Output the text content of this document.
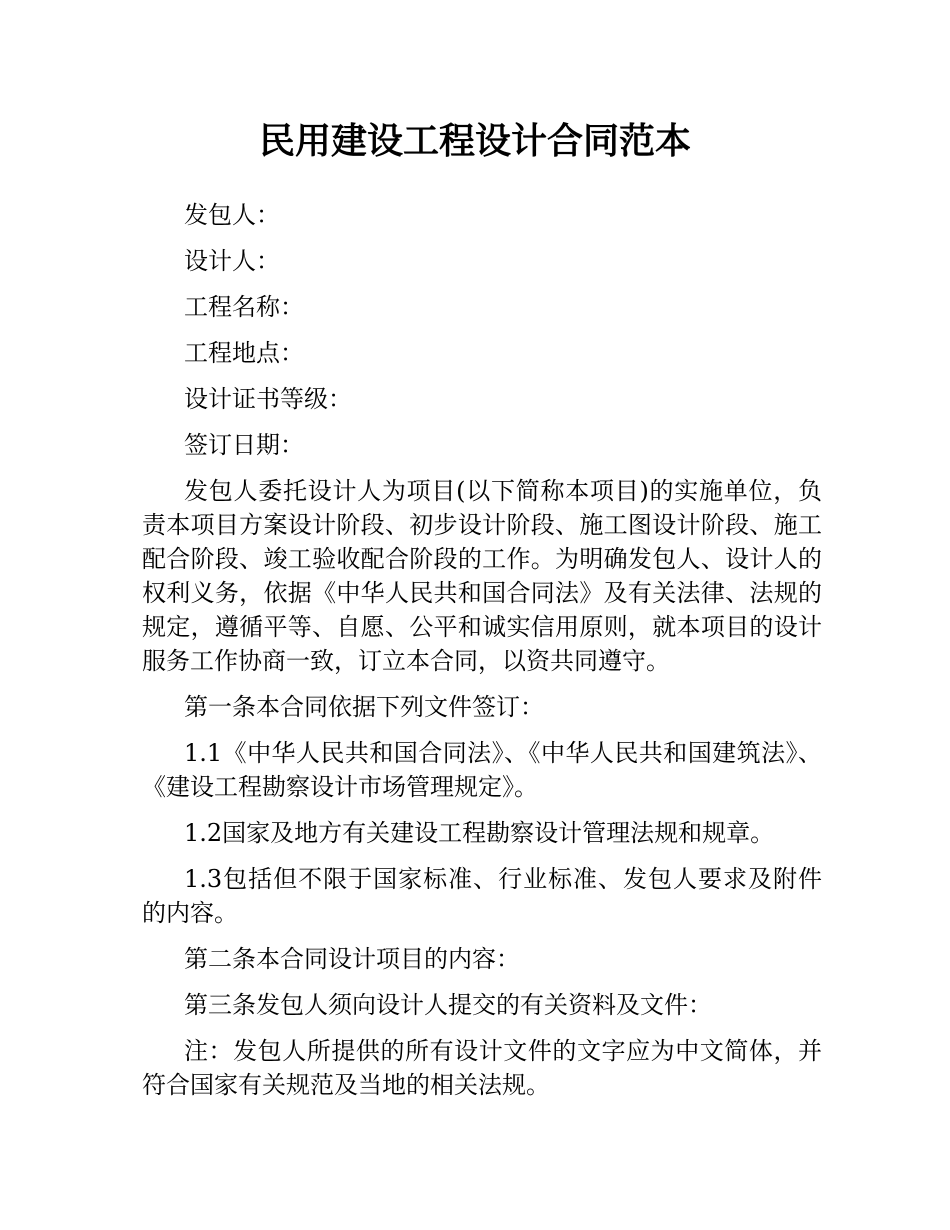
民用建设工程设计合同范本

发包人：

设计人：

工程名称：

工程地点：

设计证书等级：

签订日期：

发包人委托设计人为项目(以下简称本项目)的实施单位，负责本项目方案设计阶段、初步设计阶段、施工图设计阶段、施工配合阶段、竣工验收配合阶段的工作。为明确发包人、设计人的权利义务，依据《中华人民共和国合同法》及有关法律、法规的规定，遵循平等、自愿、公平和诚实信用原则，就本项目的设计服务工作协商一致，订立本合同，以资共同遵守。

第一条本合同依据下列文件签订：

1.1《中华人民共和国合同法》、《中华人民共和国建筑法》、《建设工程勘察设计市场管理规定》。

1.2国家及地方有关建设工程勘察设计管理法规和规章。

1.3包括但不限于国家标准、行业标准、发包人要求及附件的内容。

第二条本合同设计项目的内容：

第三条发包人须向设计人提交的有关资料及文件：

注：发包人所提供的所有设计文件的文字应为中文简体，并符合国家有关规范及当地的相关法规。
